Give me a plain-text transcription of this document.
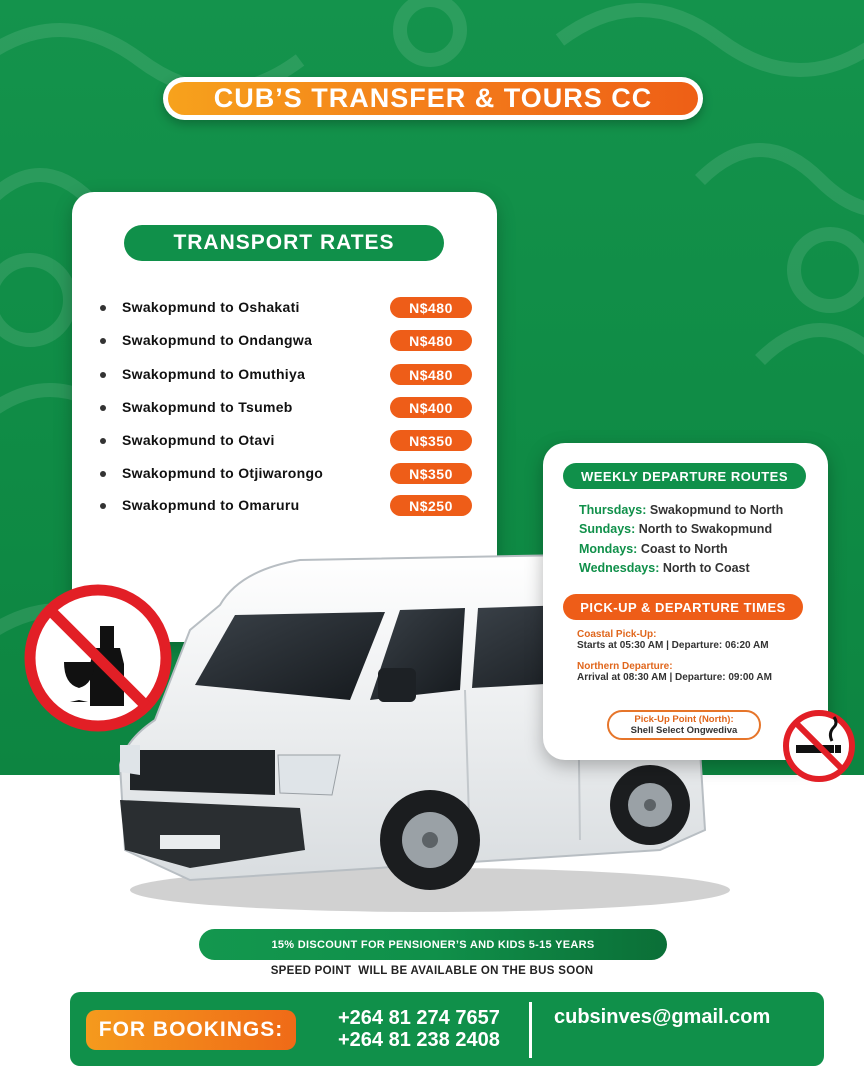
CUB’S TRANSFER & TOURS CC
TRANSPORT RATES
Swakopmund to Oshakati	N$480
Swakopmund to Ondangwa	N$480
Swakopmund to Omuthiya	N$480
Swakopmund to Tsumeb	N$400
Swakopmund to Otavi	N$350
Swakopmund to Otjiwarongo	N$350
Swakopmund to Omaruru	N$250
WEEKLY DEPARTURE ROUTES
Thursdays: Swakopmund to North
Sundays: North to Swakopmund
Mondays: Coast to North
Wednesdays: North to Coast
PICK-UP & DEPARTURE TIMES
Coastal Pick-Up:
Starts at 05:30 AM | Departure: 06:20 AM
Northern Departure:
Arrival at 08:30 AM | Departure: 09:00 AM
Pick-Up Point (North):
Shell Select Ongwediva
15% DISCOUNT FOR PENSIONER’S AND KIDS 5-15 YEARS
SPEED POINT  WILL BE AVAILABLE ON THE BUS SOON
FOR BOOKINGS:	+264 81 274 7657
+264 81 238 2408
cubsinves@gmail.com
